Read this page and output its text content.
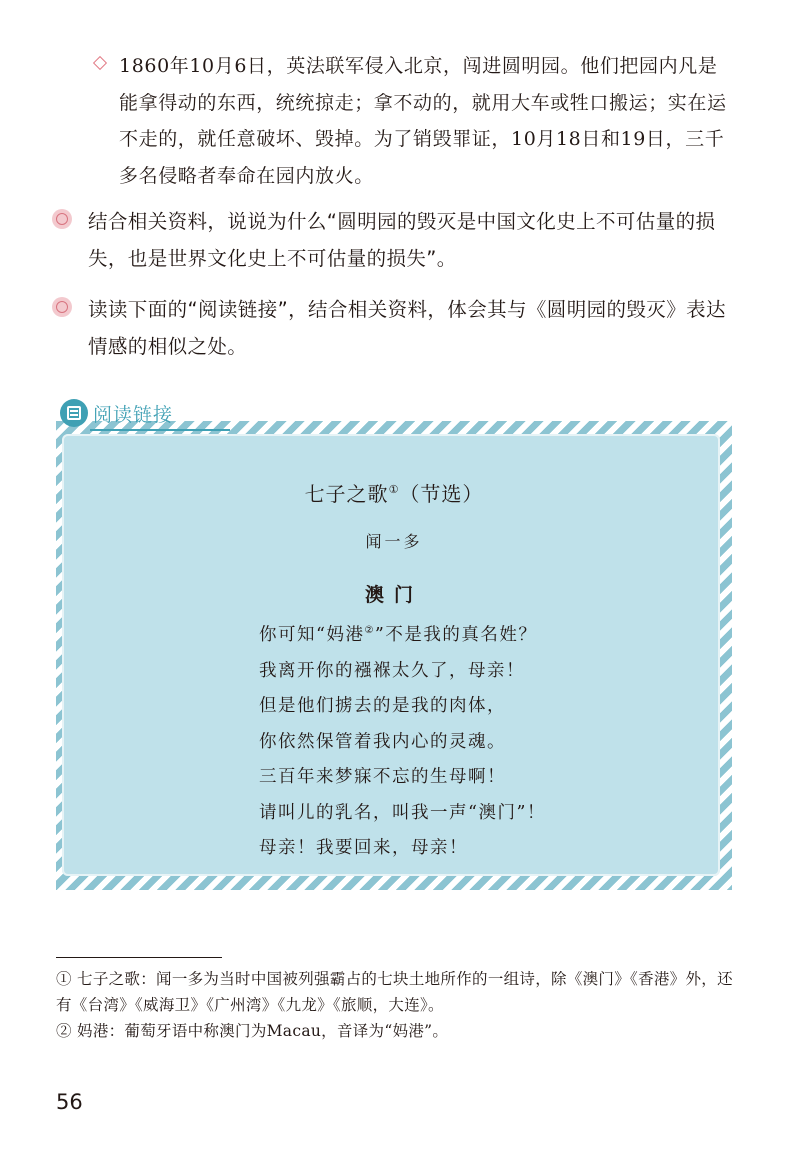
1860年10月6日，英法联军侵入北京，闯进圆明园。他们把园内凡是能拿得动的东西，统统掠走；拿不动的，就用大车或牲口搬运；实在运不走的，就任意破坏、毁掉。为了销毁罪证，10月18日和19日，三千多名侵略者奉命在园内放火。
结合相关资料，说说为什么“圆明园的毁灭是中国文化史上不可估量的损失，也是世界文化史上不可估量的损失”。
读读下面的“阅读链接”，结合相关资料，体会其与《圆明园的毁灭》表达情感的相似之处。
阅读链接
七子之歌①（节选）
闻一多
澳门
你可知“妈港②”不是我的真名姓？
我离开你的襁褓太久了，母亲！
但是他们掳去的是我的肉体，
你依然保管着我内心的灵魂。
三百年来梦寐不忘的生母啊！
请叫儿的乳名，叫我一声“澳门”！
母亲！我要回来，母亲！
① 七子之歌：闻一多为当时中国被列强霸占的七块土地所作的一组诗，除《澳门》《香港》外，还有《台湾》《威海卫》《广州湾》《九龙》《旅顺，大连》。
② 妈港：葡萄牙语中称澳门为Macau，音译为“妈港”。
56
